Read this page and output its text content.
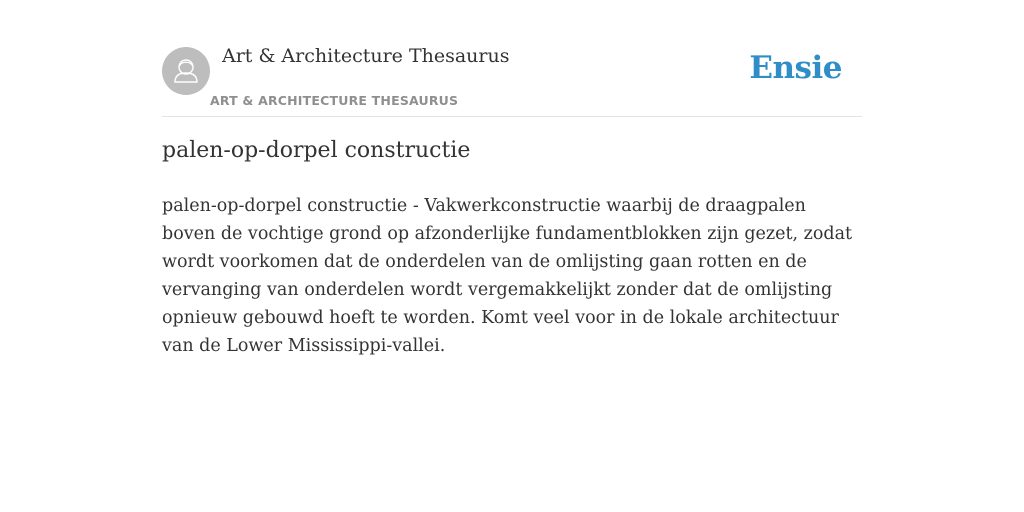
Art & Architecture Thesaurus
ART & ARCHITECTURE THESAURUS
Ensie
palen-op-dorpel constructie

palen-op-dorpel constructie - Vakwerkconstructie waarbij de draagpalen boven de vochtige grond op afzonderlijke fundamentblokken zijn gezet, zodat wordt voorkomen dat de onderdelen van de omlijsting gaan rotten en de vervanging van onderdelen wordt vergemakkelijkt zonder dat de omlijsting opnieuw gebouwd hoeft te worden. Komt veel voor in de lokale architectuur van de Lower Mississippi-vallei.
